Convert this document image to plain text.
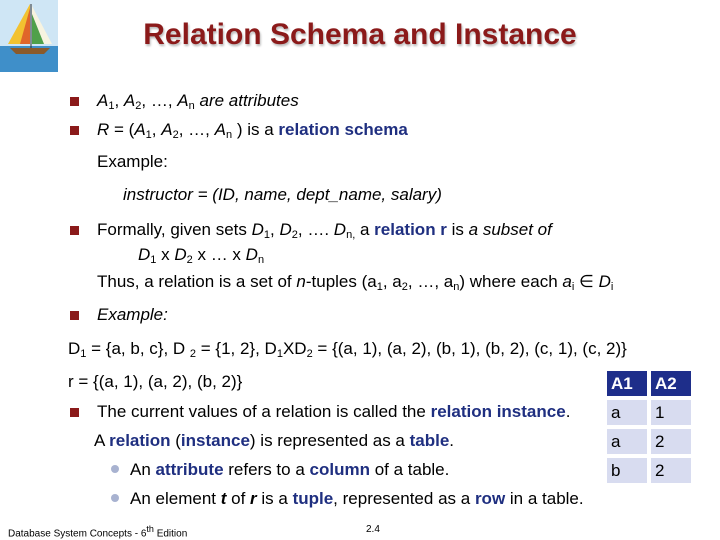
Relation Schema and Instance
$A_1$, $A_2$, …, $A_n$ are attributes
$R = (A_1$, $A_2$, …, $A_n$ ) is a relation schema
Example:
instructor = (ID, name, dept_name, salary)
Formally, given sets $D_1$, $D_2$, …. $D_{n,}$ a relation r is a subset of
$D_1$ x $D_2$ x … x $D_n$
Thus, a relation is a set of n-tuples ($a_1$, $a_2$, …, $a_n$) where each $a_i$ ∈ $D_i$
Example:
$D_1 = \{a$, b, c}, D $_2$ = {1, 2}, $D_1XD_2 = \{(a$, 1), (a, 2), (b, 1), (b, 2), (c, 1), (c, 2)}
r = {(a, 1), (a, 2), (b, 2)}
The current values of a relation is called the relation instance.
A relation (instance) is represented as a table.
An attribute refers to a column of a table.
An element t of r is a tuple, represented as a row in a table.
A1	A2
a	1
a	2
b	2
Database System Concepts - 6th Edition	2.4
